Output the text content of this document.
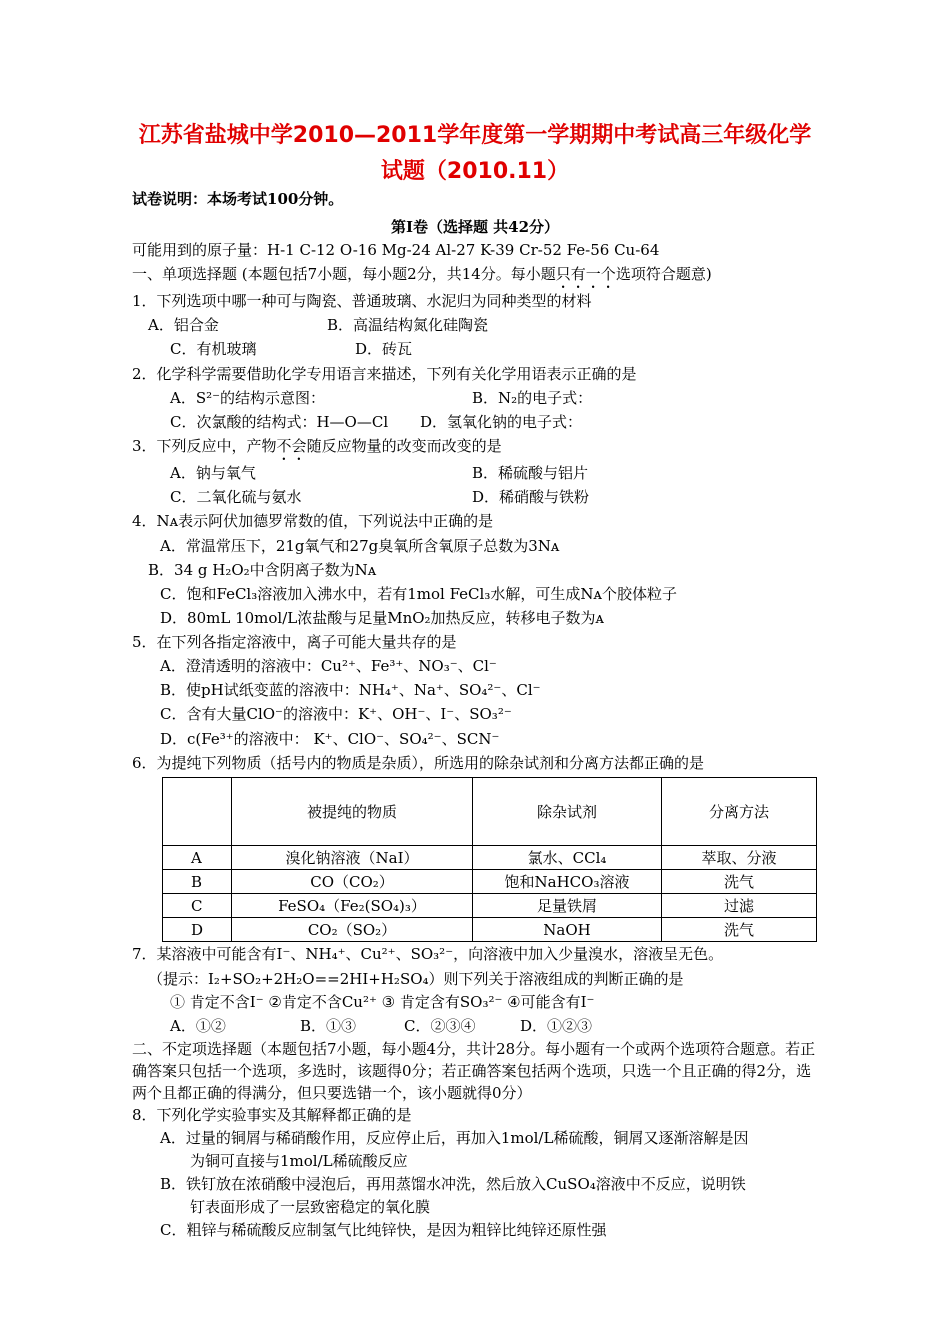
江苏省盐城中学2010—2011学年度第一学期期中考试高三年级化学
试题（2010.11）
试卷说明：本场考试100分钟。
第Ⅰ卷（选择题 共42分）
可能用到的原子量：H-1 C-12 O-16 Mg-24 Al-27 K-39 Cr-52 Fe-56 Cu-64
一、单项选择题 (本题包括7小题，每小题2分，共14分。每小题只有一个选项符合题意)
1．下列选项中哪一种可与陶瓷、普通玻璃、水泥归为同种类型的材料
A．铝合金	B．高温结构氮化硅陶瓷
C．有机玻璃	D．砖瓦
2．化学科学需要借助化学专用语言来描述，下列有关化学用语表示正确的是
A．S²⁻的结构示意图：	B．N₂的电子式：
C．次氯酸的结构式：H—O—Cl D．氢氧化钠的电子式：
3．下列反应中，产物不会随反应物量的改变而改变的是
A．钠与氧气	B．稀硫酸与铝片
C．二氧化硫与氨水	D．稀硝酸与铁粉
4．Nᴀ表示阿伏加德罗常数的值，下列说法中正确的是
A．常温常压下，21g氧气和27g臭氧所含氧原子总数为3Nᴀ
B．34 g H₂O₂中含阴离子数为Nᴀ
C．饱和FeCl₃溶液加入沸水中，若有1mol FeCl₃水解，可生成Nᴀ个胶体粒子
D．80mL 10mol/L浓盐酸与足量MnO₂加热反应，转移电子数为ᴀ
5．在下列各指定溶液中，离子可能大量共存的是
A．澄清透明的溶液中：Cu²⁺、Fe³⁺、NO₃⁻、Cl⁻
B．使pH试纸变蓝的溶液中：NH₄⁺、Na⁺、SO₄²⁻、Cl⁻
C．含有大量ClO⁻的溶液中：K⁺、OH⁻、I⁻、SO₃²⁻
D．c(Fe³⁺的溶液中： K⁺、ClO⁻、SO₄²⁻、SCN⁻
6．为提纯下列物质（括号内的物质是杂质），所选用的除杂试剂和分离方法都正确的是
	被提纯的物质	除杂试剂	分离方法
A	溴化钠溶液（NaI）	氯水、CCl₄	萃取、分液
B	CO（CO₂）	饱和NaHCO₃溶液	洗气
C	FeSO₄（Fe₂(SO₄)₃）	足量铁屑	过滤
D	CO₂（SO₂）	NaOH	洗气
7．某溶液中可能含有I⁻、NH₄⁺、Cu²⁺、SO₃²⁻，向溶液中加入少量溴水，溶液呈无色。
（提示：I₂+SO₂+2H₂O==2HI+H₂SO₄）则下列关于溶液组成的判断正确的是
① 肯定不含I⁻ ②肯定不含Cu²⁺ ③ 肯定含有SO₃²⁻ ④可能含有I⁻
A．①②	B．①③	C．②③④	D．①②③
二、不定项选择题（本题包括7小题，每小题4分，共计28分。每小题有一个或两个选项符合题意。若正确答案只包括一个选项，多选时，该题得0分；若正确答案包括两个选项，只选一个且正确的得2分，选两个且都正确的得满分，但只要选错一个，该小题就得0分）
8．下列化学实验事实及其解释都正确的是
A．过量的铜屑与稀硝酸作用，反应停止后，再加入1mol/L稀硫酸，铜屑又逐渐溶解是因
为铜可直接与1mol/L稀硫酸反应
B．铁钉放在浓硝酸中浸泡后，再用蒸馏水冲洗，然后放入CuSO₄溶液中不反应，说明铁
钉表面形成了一层致密稳定的氧化膜
C．粗锌与稀硫酸反应制氢气比纯锌快，是因为粗锌比纯锌还原性强
